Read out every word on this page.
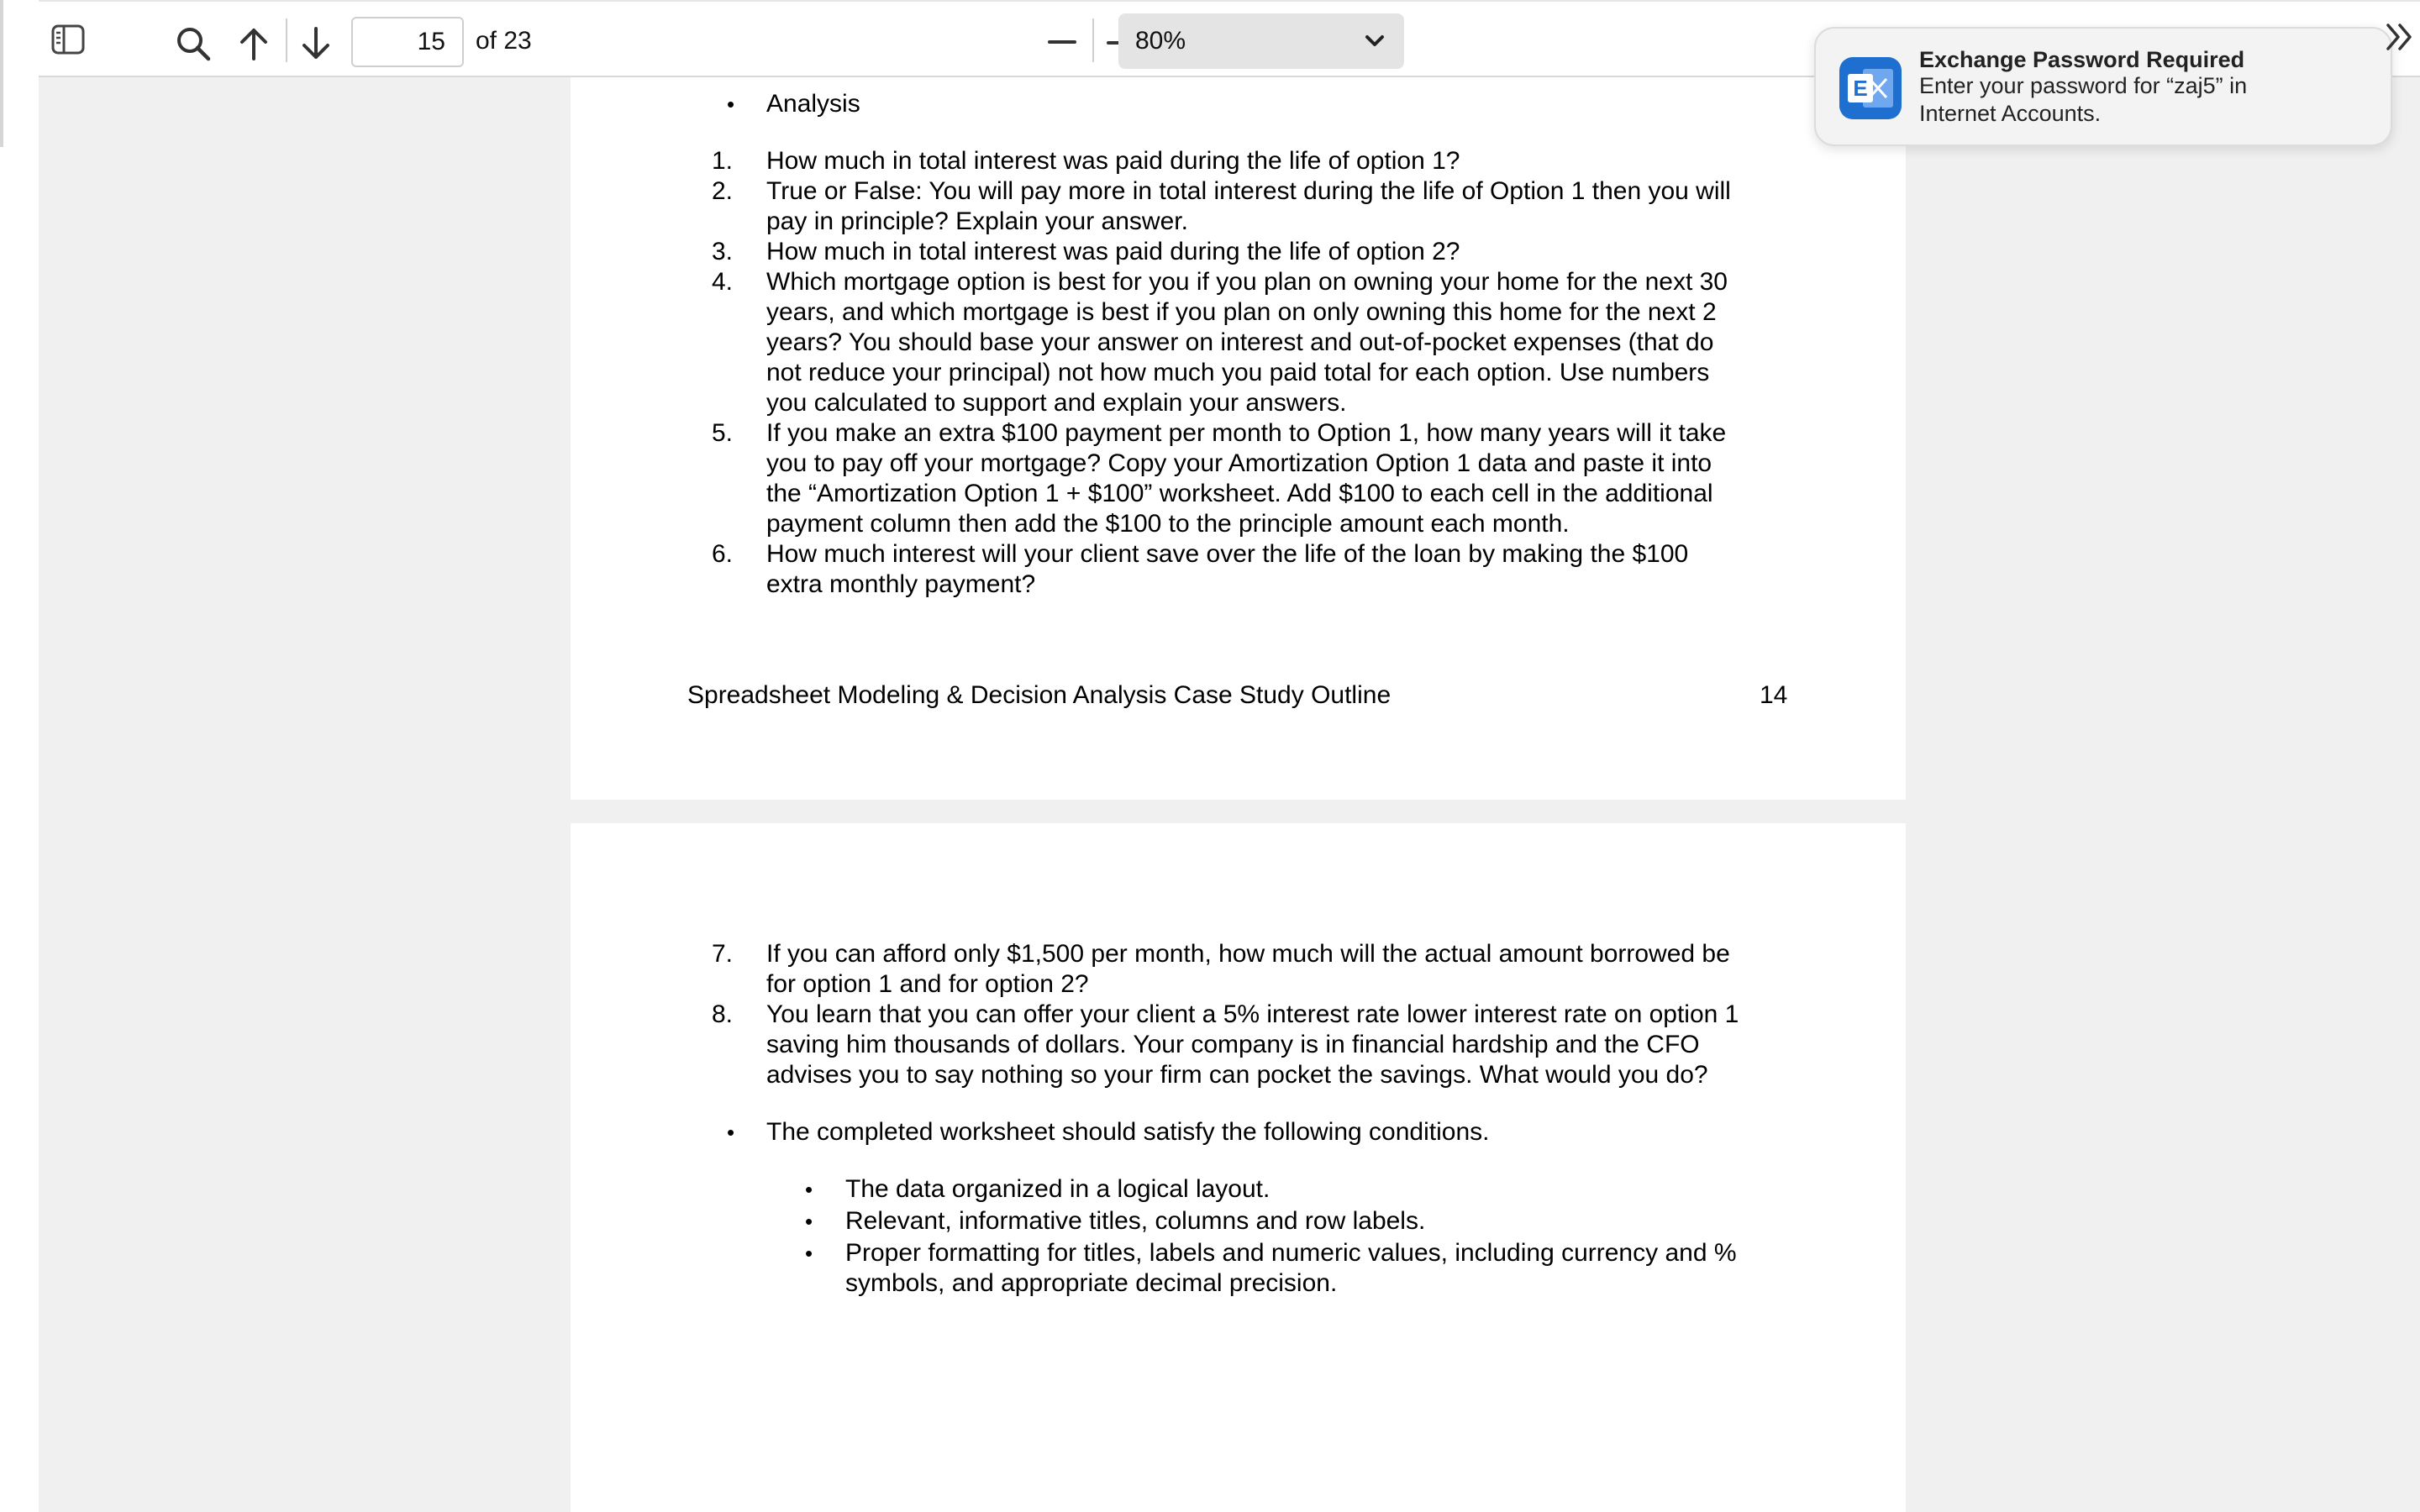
15
of 23	80%
• Analysis
1. How much in total interest was paid during the life of option 1?
2. True or False: You will pay more in total interest during the life of Option 1 then you will
pay in principle? Explain your answer.
3. How much in total interest was paid during the life of option 2?
4. Which mortgage option is best for you if you plan on owning your home for the next 30
years, and which mortgage is best if you plan on only owning this home for the next 2
years? You should base your answer on interest and out-of-pocket expenses (that do
not reduce your principal) not how much you paid total for each option. Use numbers
you calculated to support and explain your answers.
5. If you make an extra $100 payment per month to Option 1, how many years will it take
you to pay off your mortgage? Copy your Amortization Option 1 data and paste it into
the “Amortization Option 1 + $100” worksheet. Add $100 to each cell in the additional
payment column then add the $100 to the principle amount each month.
6. How much interest will your client save over the life of the loan by making the $100
extra monthly payment?
Spreadsheet Modeling & Decision Analysis Case Study Outline	14
7. If you can afford only $1,500 per month, how much will the actual amount borrowed be
for option 1 and for option 2?
8. You learn that you can offer your client a 5% interest rate lower interest rate on option 1
saving him thousands of dollars. Your company is in financial hardship and the CFO
advises you to say nothing so your firm can pocket the savings. What would you do?
• The completed worksheet should satisfy the following conditions.
• The data organized in a logical layout.
• Relevant, informative titles, columns and row labels.
• Proper formatting for titles, labels and numeric values, including currency and %
symbols, and appropriate decimal precision.
E
Exchange Password Required
Enter your password for “zaj5” in
Internet Accounts.
